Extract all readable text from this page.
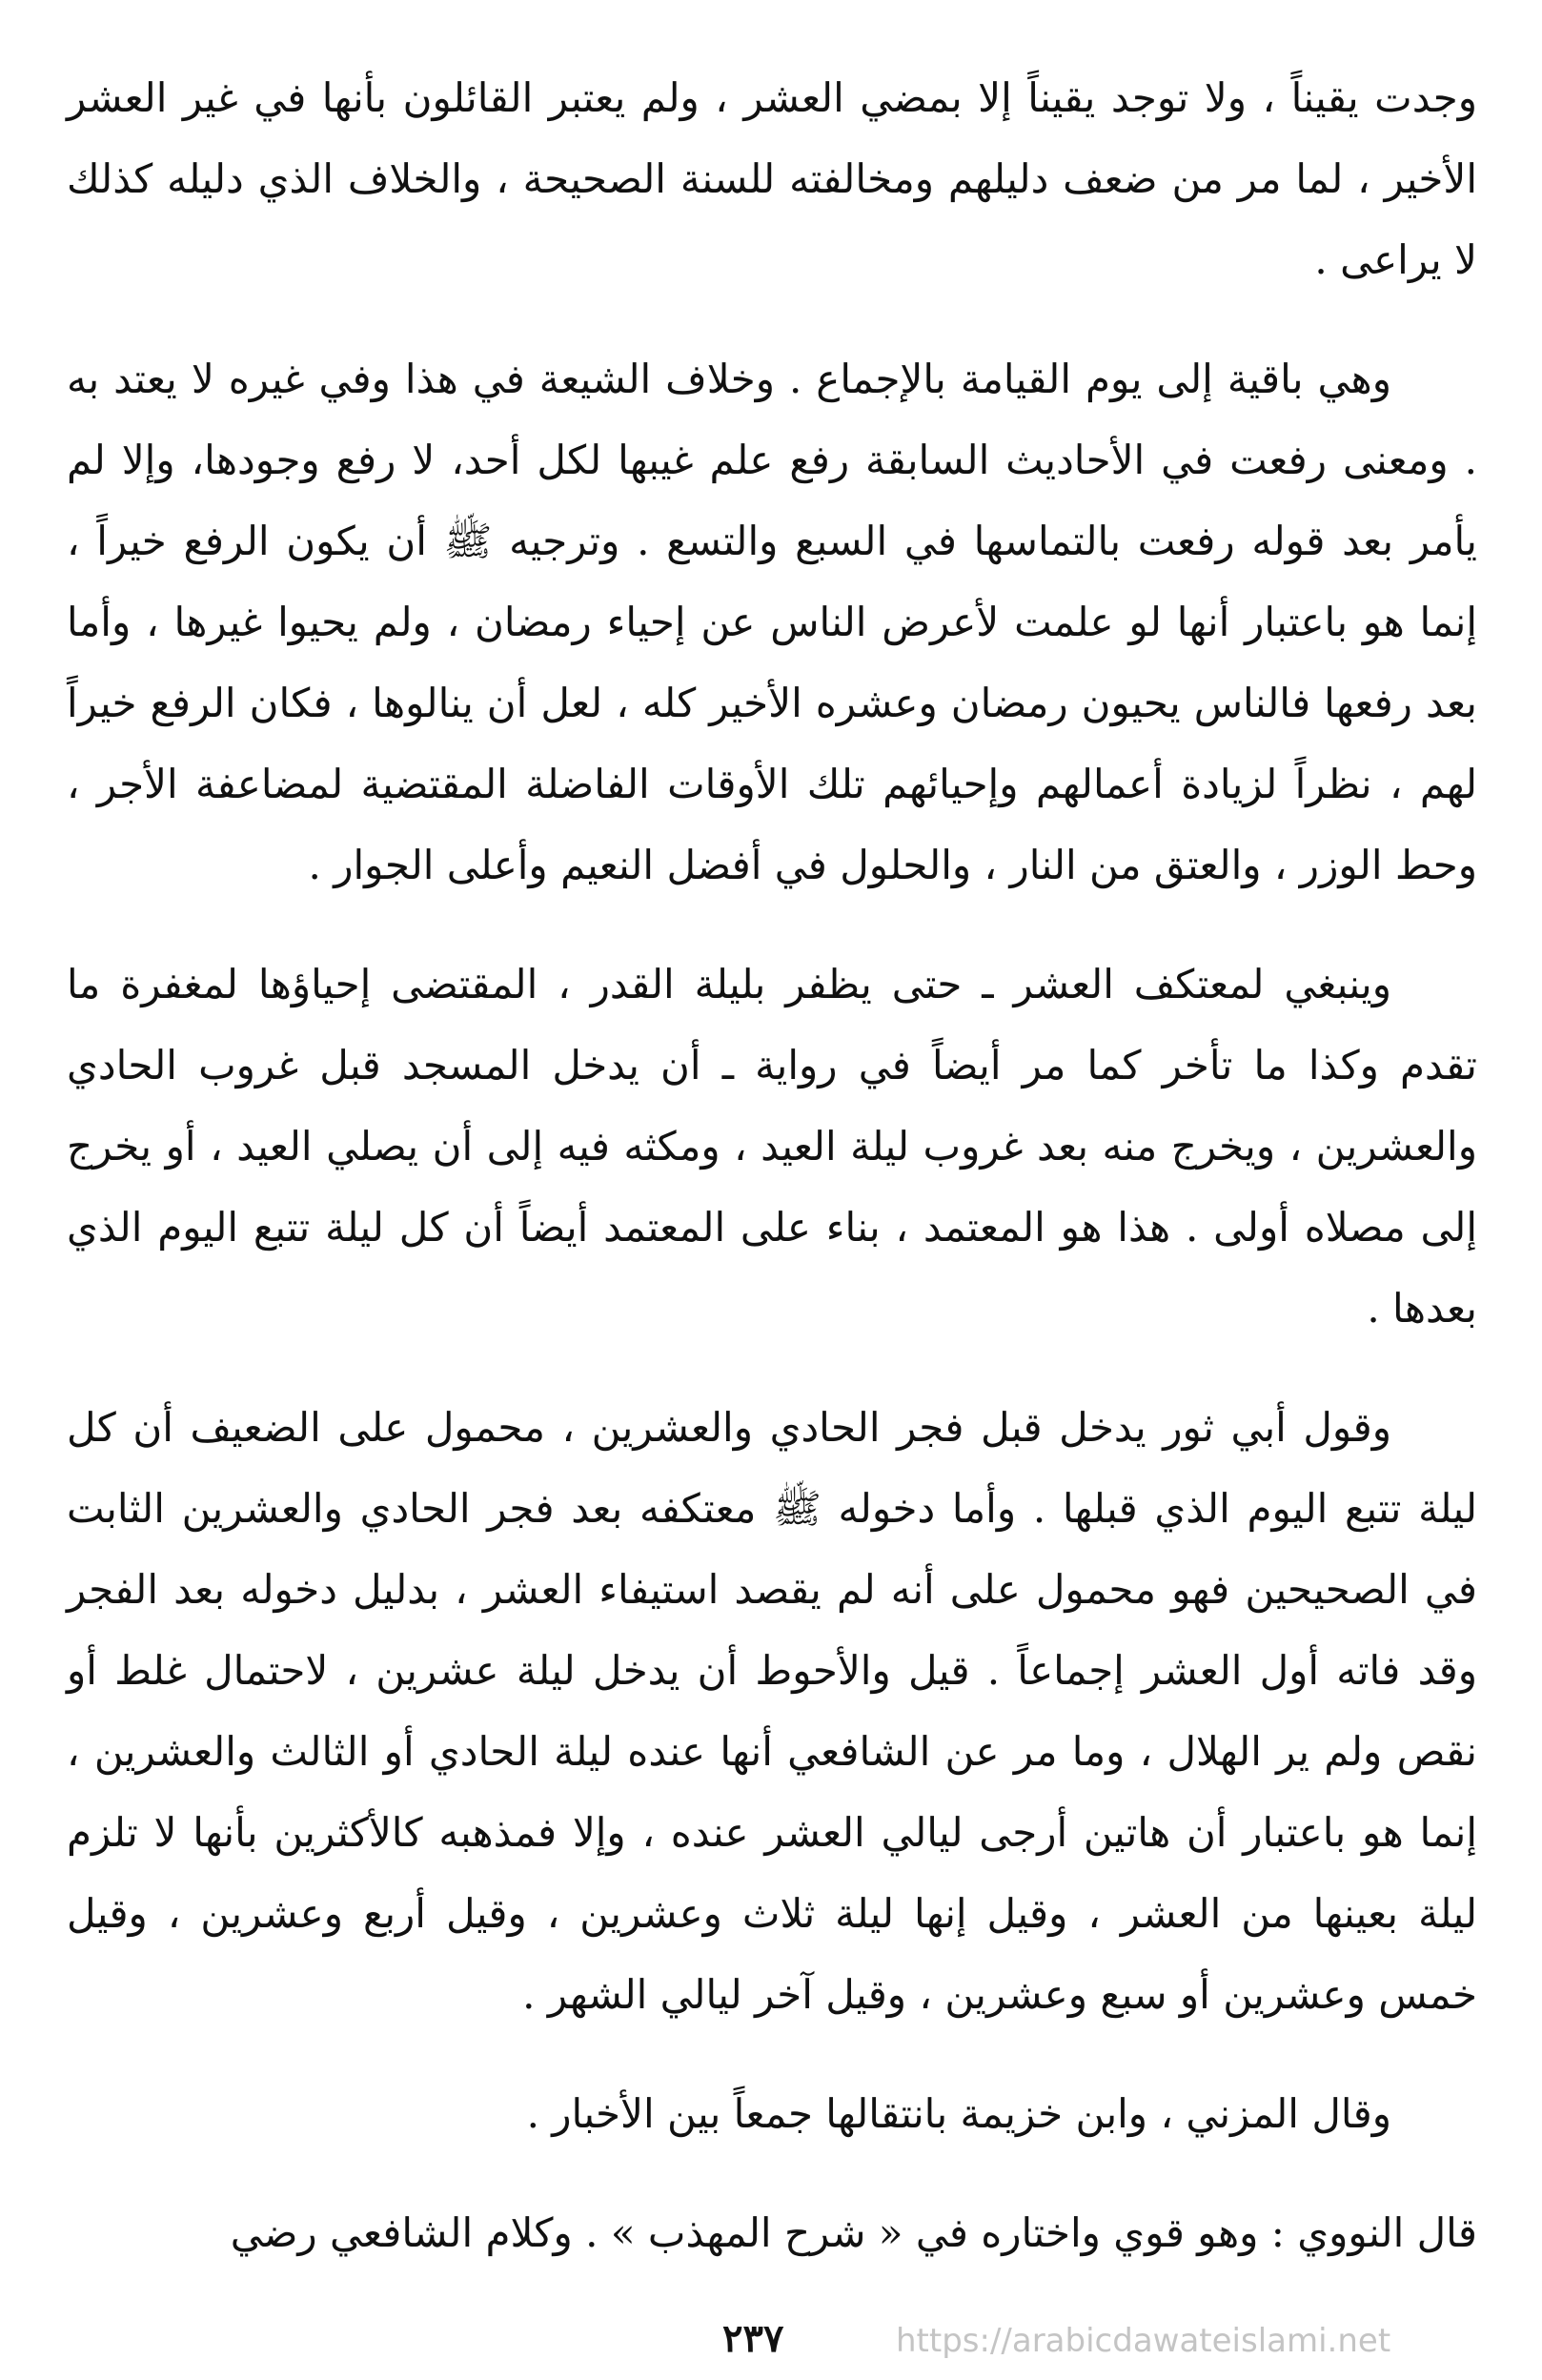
وجدت يقيناً ، ولا توجد يقيناً إلا بمضي العشر ، ولم يعتبر القائلون بأنها في غير العشر الأخير ، لما مر من ضعف دليلهم ومخالفته للسنة الصحيحة ، والخلاف الذي دليله كذلك لا يراعى .

وهي باقية إلى يوم القيامة بالإجماع . وخلاف الشيعة في هذا وفي غيره لا يعتد به . ومعنى رفعت في الأحاديث السابقة رفع علم غيبها لكل أحد، لا رفع وجودها، وإلا لم يأمر بعد قوله رفعت بالتماسها في السبع والتسع . وترجيه ﷺ أن يكون الرفع خيراً ، إنما هو باعتبار أنها لو علمت لأعرض الناس عن إحياء رمضان ، ولم يحيوا غيرها ، وأما بعد رفعها فالناس يحيون رمضان وعشره الأخير كله ، لعل أن ينالوها ، فكان الرفع خيراً لهم ، نظراً لزيادة أعمالهم وإحيائهم تلك الأوقات الفاضلة المقتضية لمضاعفة الأجر ، وحط الوزر ، والعتق من النار ، والحلول في أفضل النعيم وأعلى الجوار .

وينبغي لمعتكف العشر ـ حتى يظفر بليلة القدر ، المقتضى إحياؤها لمغفرة ما تقدم وكذا ما تأخر كما مر أيضاً في رواية ـ أن يدخل المسجد قبل غروب الحادي والعشرين ، ويخرج منه بعد غروب ليلة العيد ، ومكثه فيه إلى أن يصلي العيد ، أو يخرج إلى مصلاه أولى . هذا هو المعتمد ، بناء على المعتمد أيضاً أن كل ليلة تتبع اليوم الذي بعدها .

وقول أبي ثور يدخل قبل فجر الحادي والعشرين ، محمول على الضعيف أن كل ليلة تتبع اليوم الذي قبلها . وأما دخوله ﷺ معتكفه بعد فجر الحادي والعشرين الثابت في الصحيحين فهو محمول على أنه لم يقصد استيفاء العشر ، بدليل دخوله بعد الفجر وقد فاته أول العشر إجماعاً . قيل والأحوط أن يدخل ليلة عشرين ، لاحتمال غلط أو نقص ولم ير الهلال ، وما مر عن الشافعي أنها عنده ليلة الحادي أو الثالث والعشرين ، إنما هو باعتبار أن هاتين أرجى ليالي العشر عنده ، وإلا فمذهبه كالأكثرين بأنها لا تلزم ليلة بعينها من العشر ، وقيل إنها ليلة ثلاث وعشرين ، وقيل أربع وعشرين ، وقيل خمس وعشرين أو سبع وعشرين ، وقيل آخر ليالي الشهر .

وقال المزني ، وابن خزيمة بانتقالها جمعاً بين الأخبار .

قال النووي : وهو قوي واختاره في « شرح المهذب » . وكلام الشافعي رضي

٢٣٧	https://arabicdawateislami.net
